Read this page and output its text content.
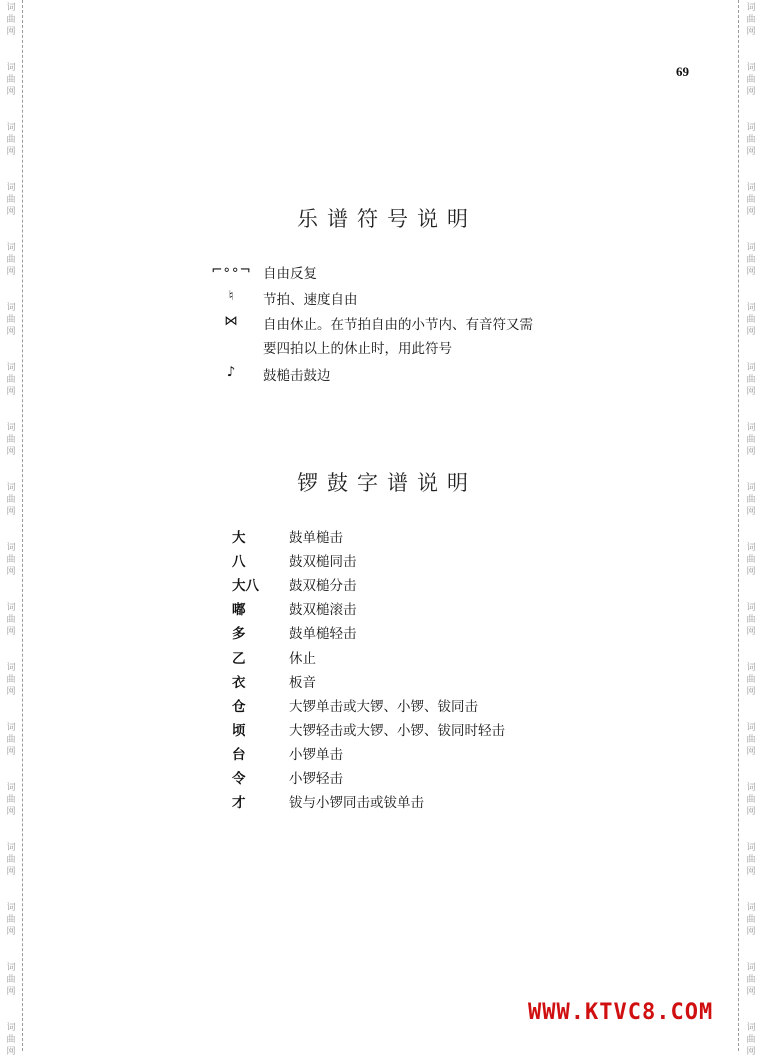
词
曲
网
词
曲
网
词
曲
网
词
曲
网
词
曲
网
词
曲
网
词
曲
网
词
曲
网
词
曲
网
词
曲
网
词
曲
网
词
曲
网
词
曲
网
词
曲
网
词
曲
网
词
曲
网
词
曲
网
词
曲
网
词
曲
网
词
曲
网
词
曲
网
词
曲
网
词
曲
网
词
曲
网
词
曲
网
词
曲
网
词
曲
网
词
曲
网
词
曲
网
词
曲
网
词
曲
网
词
曲
网
词
曲
网
词
曲
网
词
曲
网
词
曲
网
69
乐谱符号说明
⌐∘∘¬ 自由反复
♮	节拍、速度自由
⋈	自由休止。在节拍自由的小节内、有音符又需
要四拍以上的休止时，用此符号
♪	鼓槌击鼓边
锣鼓字谱说明
大	鼓单槌击
八	鼓双槌同击
大八 鼓双槌分击
嘟	鼓双槌滚击
多	鼓单槌轻击
乙	休止
衣	板音
仓	大锣单击或大锣、小锣、钹同击
顷	大锣轻击或大锣、小锣、钹同时轻击
台	小锣单击
令	小锣轻击
才	钹与小锣同击或钹单击
WWW.KTVC8.COM
